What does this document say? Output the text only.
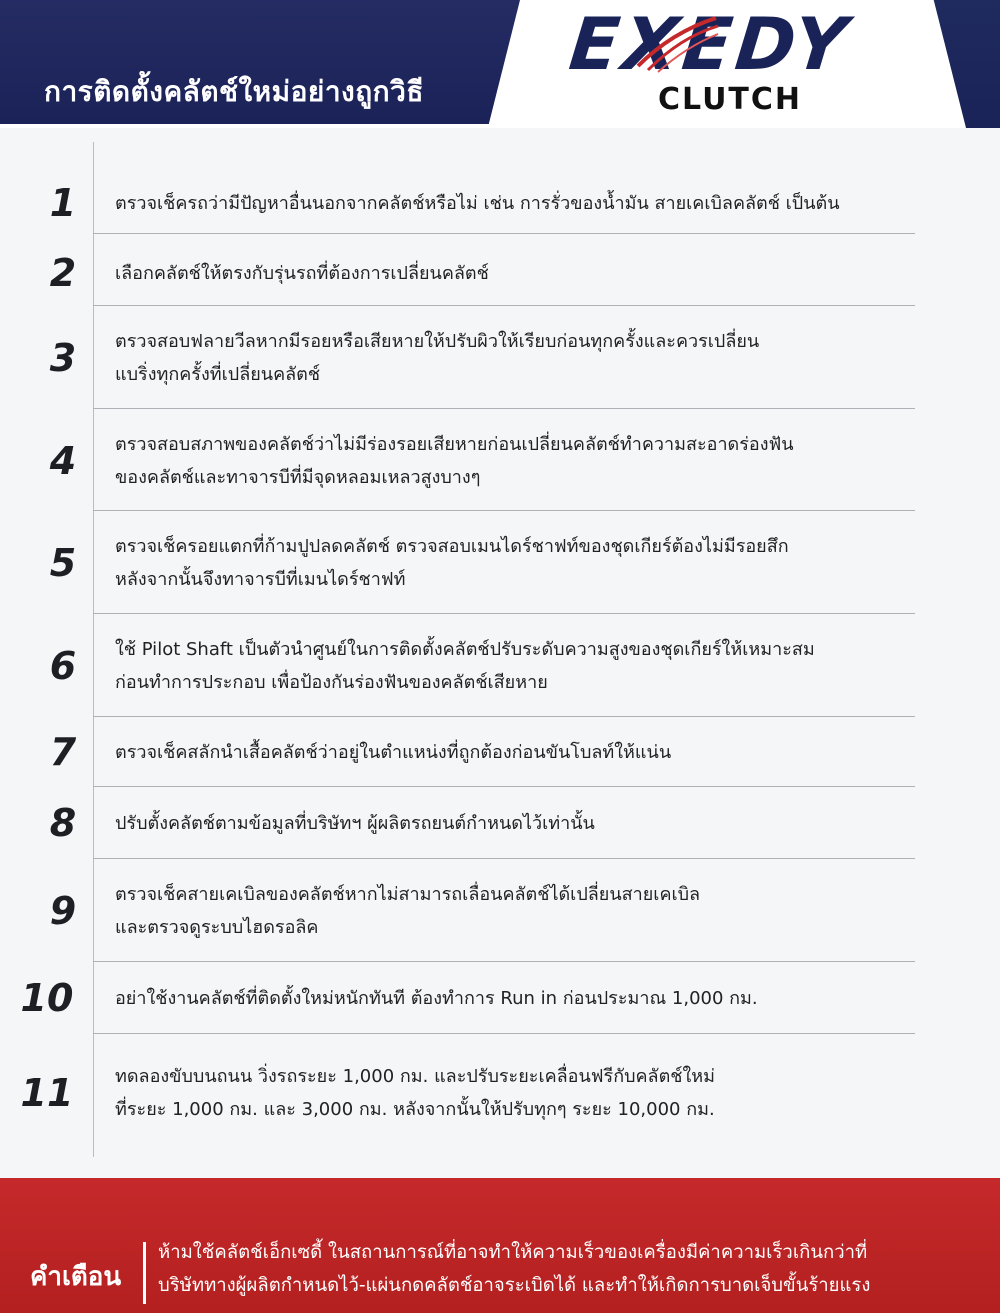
การติดตั้งคลัตช์ใหม่อย่างถูกวิธี
EXEDY
CLUTCH
1	ตรวจเช็ครถว่ามีปัญหาอื่นนอกจากคลัตช์หรือไม่ เช่น การรั่วของน้ำมัน สายเคเบิลคลัตช์ เป็นต้น
2	เลือกคลัตช์ให้ตรงกับรุ่นรถที่ต้องการเปลี่ยนคลัตช์
3	ตรวจสอบฟลายวีลหากมีรอยหรือเสียหายให้ปรับผิวให้เรียบก่อนทุกครั้งและควรเปลี่ยน
แบริ่งทุกครั้งที่เปลี่ยนคลัตช์
4	ตรวจสอบสภาพของคลัตช์ว่าไม่มีร่องรอยเสียหายก่อนเปลี่ยนคลัตช์ทำความสะอาดร่องฟัน
ของคลัตช์และทาจารบีที่มีจุดหลอมเหลวสูงบางๆ
5	ตรวจเช็ครอยแตกที่ก้ามปูปลดคลัตช์ ตรวจสอบเมนไดร์ชาฟท์ของชุดเกียร์ต้องไม่มีรอยสึก
หลังจากนั้นจึงทาจารบีที่เมนไดร์ชาฟท์
6	ใช้ Pilot Shaft เป็นตัวนำศูนย์ในการติดตั้งคลัตช์ปรับระดับความสูงของชุดเกียร์ให้เหมาะสม
ก่อนทำการประกอบ เพื่อป้องกันร่องฟันของคลัตช์เสียหาย
7	ตรวจเช็คสลักนำเสื้อคลัตช์ว่าอยู่ในตำแหน่งที่ถูกต้องก่อนขันโบลท์ให้แน่น
8	ปรับตั้งคลัตช์ตามข้อมูลที่บริษัทฯ ผู้ผลิตรถยนต์กำหนดไว้เท่านั้น
9	ตรวจเช็คสายเคเบิลของคลัตช์หากไม่สามารถเลื่อนคลัตช์ได้เปลี่ยนสายเคเบิล
และตรวจดูระบบไฮดรอลิค
10	อย่าใช้งานคลัตช์ที่ติดตั้งใหม่หนักทันที ต้องทำการ Run in ก่อนประมาณ 1,000 กม.
11	ทดลองขับบนถนน วิ่งรถระยะ 1,000 กม. และปรับระยะเคลื่อนฟรีกับคลัตช์ใหม่
ที่ระยะ 1,000 กม. และ 3,000 กม. หลังจากนั้นให้ปรับทุกๆ ระยะ 10,000 กม.
คำเตือน
ห้ามใช้คลัตช์เอ็กเซดี้ ในสถานการณ์ที่อาจทำให้ความเร็วของเครื่องมีค่าความเร็วเกินกว่าที่
บริษัททางผู้ผลิตกำหนดไว้-แผ่นกดคลัตช์อาจระเบิดได้ และทำให้เกิดการบาดเจ็บขั้นร้ายแรง
